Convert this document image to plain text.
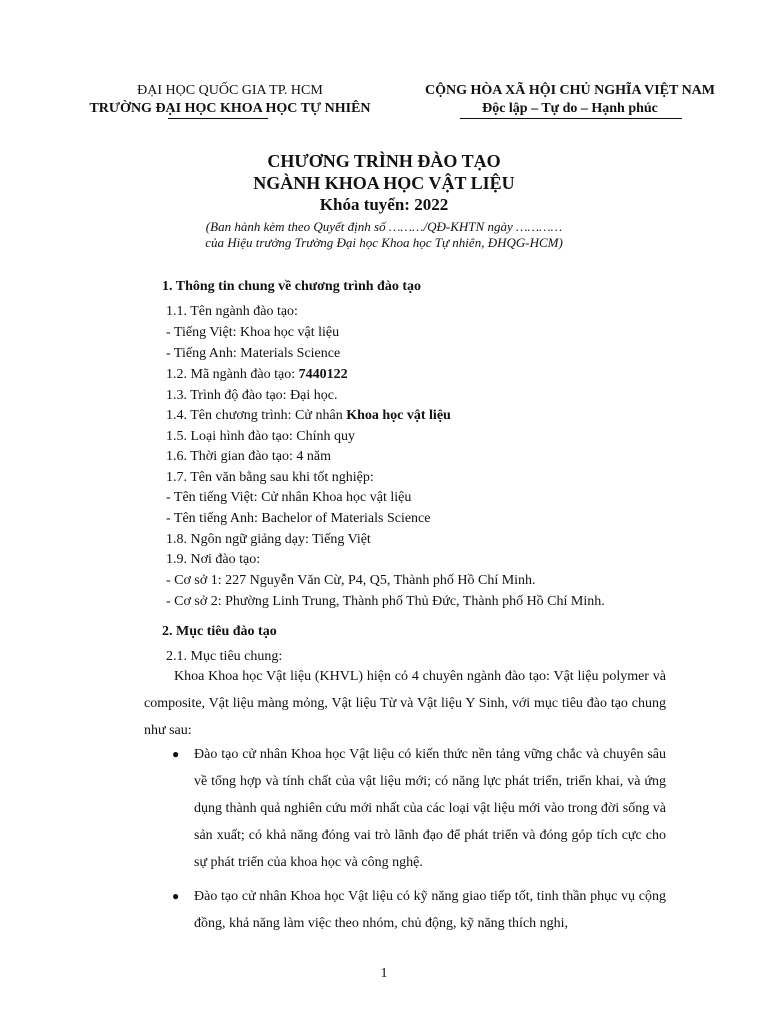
ĐẠI HỌC QUỐC GIA TP. HCM
TRƯỜNG ĐẠI HỌC KHOA HỌC TỰ NHIÊN
CỘNG HÒA XÃ HỘI CHỦ NGHĨA VIỆT NAM
Độc lập – Tự do – Hạnh phúc
CHƯƠNG TRÌNH ĐÀO TẠO
NGÀNH KHOA HỌC VẬT LIỆU
Khóa tuyển: 2022
(Ban hành kèm theo Quyết định số ………/QĐ-KHTN ngày …………
của Hiệu trưởng Trường Đại học Khoa học Tự nhiên, ĐHQG-HCM)
1. Thông tin chung về chương trình đào tạo
1.1. Tên ngành đào tạo:
- Tiếng Việt: Khoa học vật liệu
- Tiếng Anh: Materials Science
1.2. Mã ngành đào tạo: 7440122
1.3. Trình độ đào tạo: Đại học.
1.4. Tên chương trình: Cử nhân Khoa học vật liệu
1.5. Loại hình đào tạo: Chính quy
1.6. Thời gian đào tạo: 4 năm
1.7. Tên văn bằng sau khi tốt nghiệp:
- Tên tiếng Việt: Cử nhân Khoa học vật liệu
- Tên tiếng Anh: Bachelor of Materials Science
1.8. Ngôn ngữ giảng dạy: Tiếng Việt
1.9. Nơi đào tạo:
- Cơ sở 1: 227 Nguyễn Văn Cừ, P4, Q5, Thành phố Hồ Chí Minh.
- Cơ sở 2: Phường Linh Trung, Thành phố Thủ Đức, Thành phố Hồ Chí Minh.
2. Mục tiêu đào tạo
2.1. Mục tiêu chung:
Khoa Khoa học Vật liệu (KHVL) hiện có 4 chuyên ngành đào tạo: Vật liệu polymer và composite, Vật liệu màng mỏng, Vật liệu Từ và Vật liệu Y Sinh, với mục tiêu đào tạo chung như sau:
● Đào tạo cử nhân Khoa học Vật liệu có kiến thức nền tảng vững chắc và chuyên sâu về tổng hợp và tính chất của vật liệu mới; có năng lực phát triển, triển khai, và ứng dụng thành quả nghiên cứu mới nhất của các loại vật liệu mới vào trong đời sống và sản xuất; có khả năng đóng vai trò lãnh đạo để phát triển và đóng góp tích cực cho sự phát triển của khoa học và công nghệ.
● Đào tạo cử nhân Khoa học Vật liệu có kỹ năng giao tiếp tốt, tinh thần phục vụ cộng đồng, khả năng làm việc theo nhóm, chủ động, kỹ năng thích nghi,
1
